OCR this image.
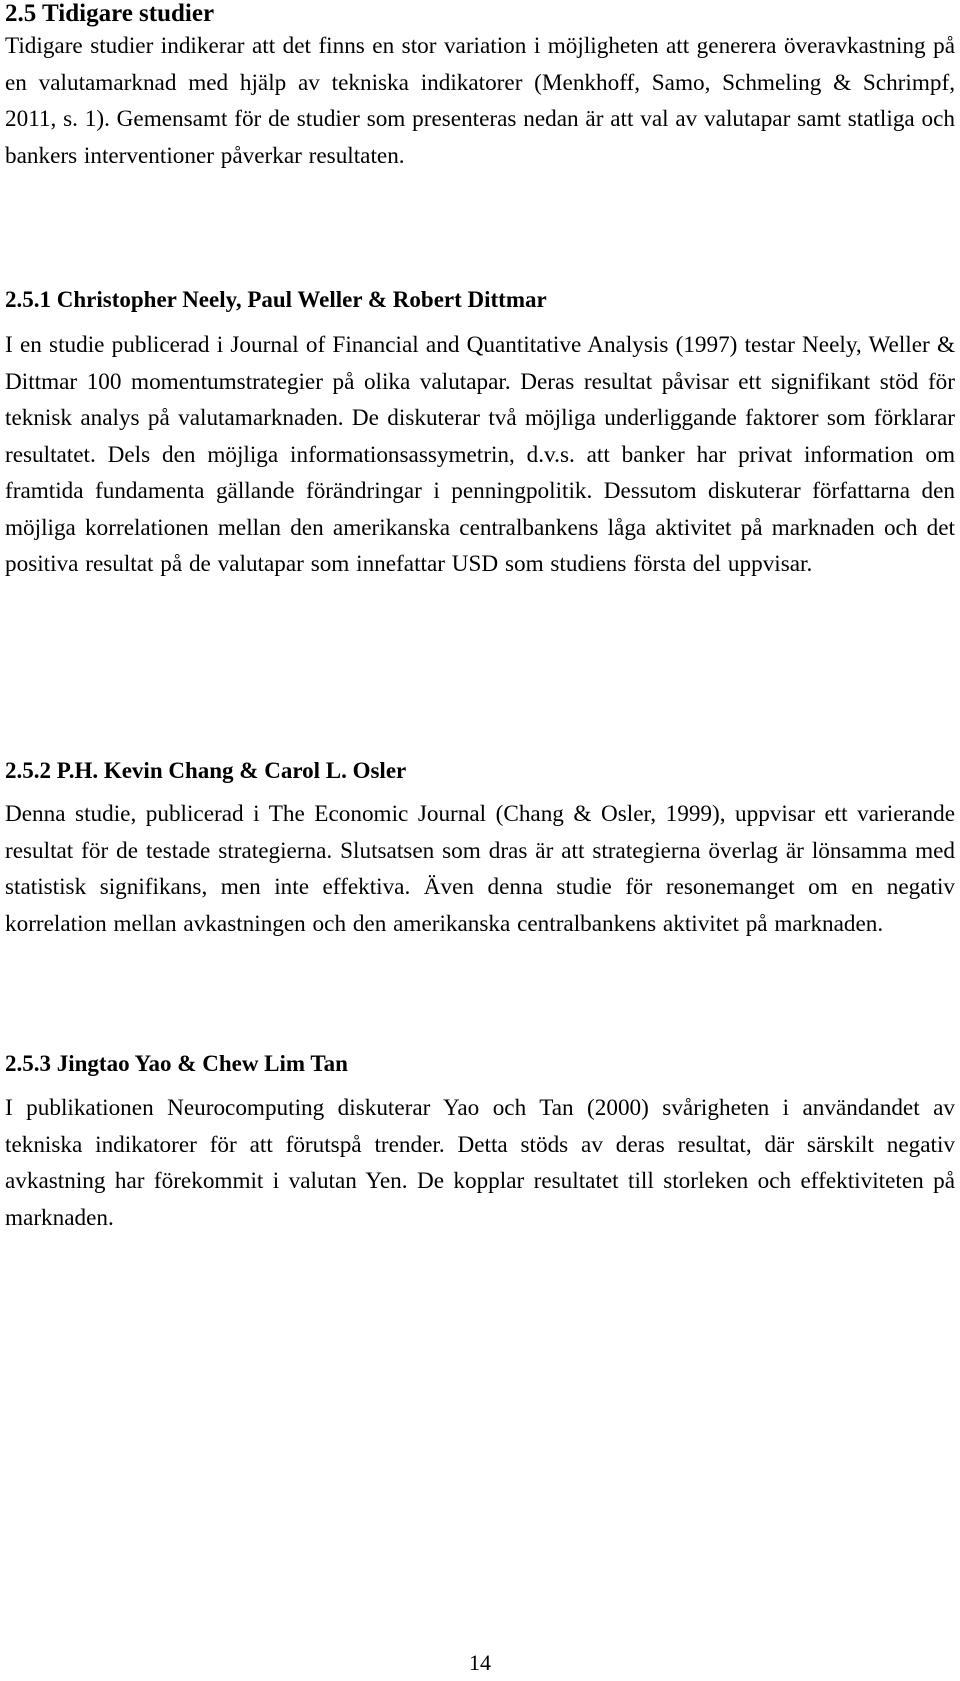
2.5 Tidigare studier

Tidigare studier indikerar att det finns en stor variation i möjligheten att generera överavkastning på en valutamarknad med hjälp av tekniska indikatorer (Menkhoff, Samo, Schmeling & Schrimpf, 2011, s. 1). Gemensamt för de studier som presenteras nedan är att val av valutapar samt statliga och bankers interventioner påverkar resultaten.

2.5.1 Christopher Neely, Paul Weller & Robert Dittmar

I en studie publicerad i Journal of Financial and Quantitative Analysis (1997) testar Neely, Weller & Dittmar 100 momentumstrategier på olika valutapar. Deras resultat påvisar ett signifikant stöd för teknisk analys på valutamarknaden. De diskuterar två möjliga underliggande faktorer som förklarar resultatet. Dels den möjliga informationsassymetrin, d.v.s. att banker har privat information om framtida fundamenta gällande förändringar i penningpolitik. Dessutom diskuterar författarna den möjliga korrelationen mellan den amerikanska centralbankens låga aktivitet på marknaden och det positiva resultat på de valutapar som innefattar USD som studiens första del uppvisar.

2.5.2 P.H. Kevin Chang & Carol L. Osler

Denna studie, publicerad i The Economic Journal (Chang & Osler, 1999), uppvisar ett varierande resultat för de testade strategierna. Slutsatsen som dras är att strategierna överlag är lönsamma med statistisk signifikans, men inte effektiva. Även denna studie för resonemanget om en negativ korrelation mellan avkastningen och den amerikanska centralbankens aktivitet på marknaden.

2.5.3 Jingtao Yao & Chew Lim Tan

I publikationen Neurocomputing diskuterar Yao och Tan (2000) svårigheten i användandet av tekniska indikatorer för att förutspå trender. Detta stöds av deras resultat, där särskilt negativ avkastning har förekommit i valutan Yen. De kopplar resultatet till storleken och effektiviteten på marknaden.

14
